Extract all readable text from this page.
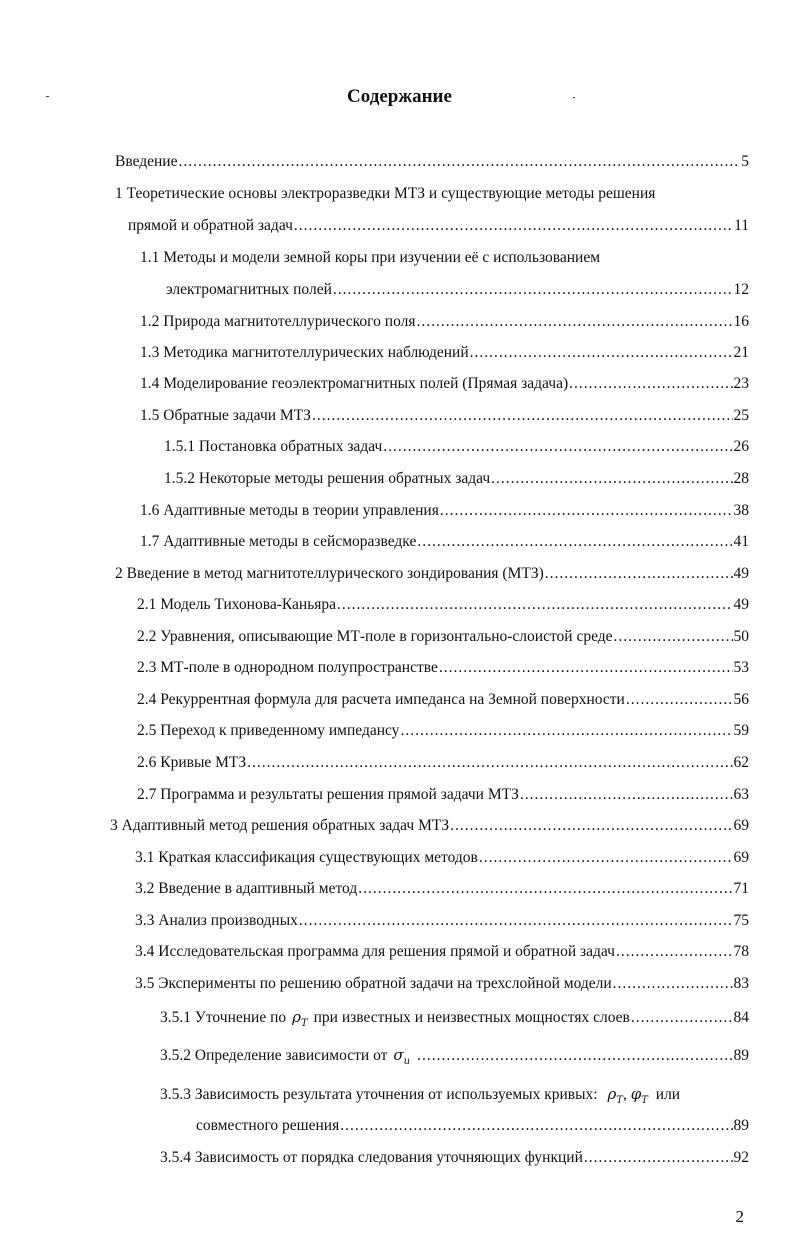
Содержание
Введение .....	5
1 Теоретические основы электроразведки МТЗ и существующие методы решения
прямой и обратной задач .....	11
1.1 Методы и модели земной коры при изучении её с использованием
электромагнитных полей .....	12
1.2 Природа магнитотеллурического поля .....	16
1.3 Методика магнитотеллурических наблюдений .....	21
1.4 Моделирование геоэлектромагнитных полей (Прямая задача) .....	23
1.5 Обратные задачи МТЗ .....	25
1.5.1 Постановка обратных задач .....	26
1.5.2 Некоторые методы решения обратных задач .....	28
1.6 Адаптивные методы в теории управления .....	38
1.7 Адаптивные методы в сейсморазведке .....	41
2 Введение в метод магнитотеллурического зондирования (МТЗ) .....	49
2.1 Модель Тихонова-Каньяра .....	49
2.2 Уравнения, описывающие МТ-поле в горизонтально-слоистой среде .....	50
2.3 МТ-поле в однородном полупространстве .....	53
2.4 Рекуррентная формула для расчета импеданса на Земной поверхности .....	56
2.5 Переход к приведенному импедансу .....	59
2.6 Кривые МТЗ .....	62
2.7 Программа и результаты решения прямой задачи МТЗ .....	63
3 Адаптивный метод решения обратных задач МТЗ .....	69
3.1 Краткая классификация существующих методов .....	69
3.2 Введение в адаптивный метод .....	71
3.3 Анализ производных .....	75
3.4 Исследовательская программа для решения прямой и обратной задач .....	78
3.5 Эксперименты по решению обратной задачи на трехслойной модели .....	83
3.5.1 Уточнение по $\rho_T$ при известных и неизвестных мощностях слоев .....	84
3.5.2 Определение зависимости от $\sigma_и$ .....	89
3.5.3 Зависимость результата уточнения от используемых кривых: $\rho_T$, $\varphi_T$ или
совместного решения .....	89
3.5.4 Зависимость от порядка следования уточняющих функций .....	92
2
